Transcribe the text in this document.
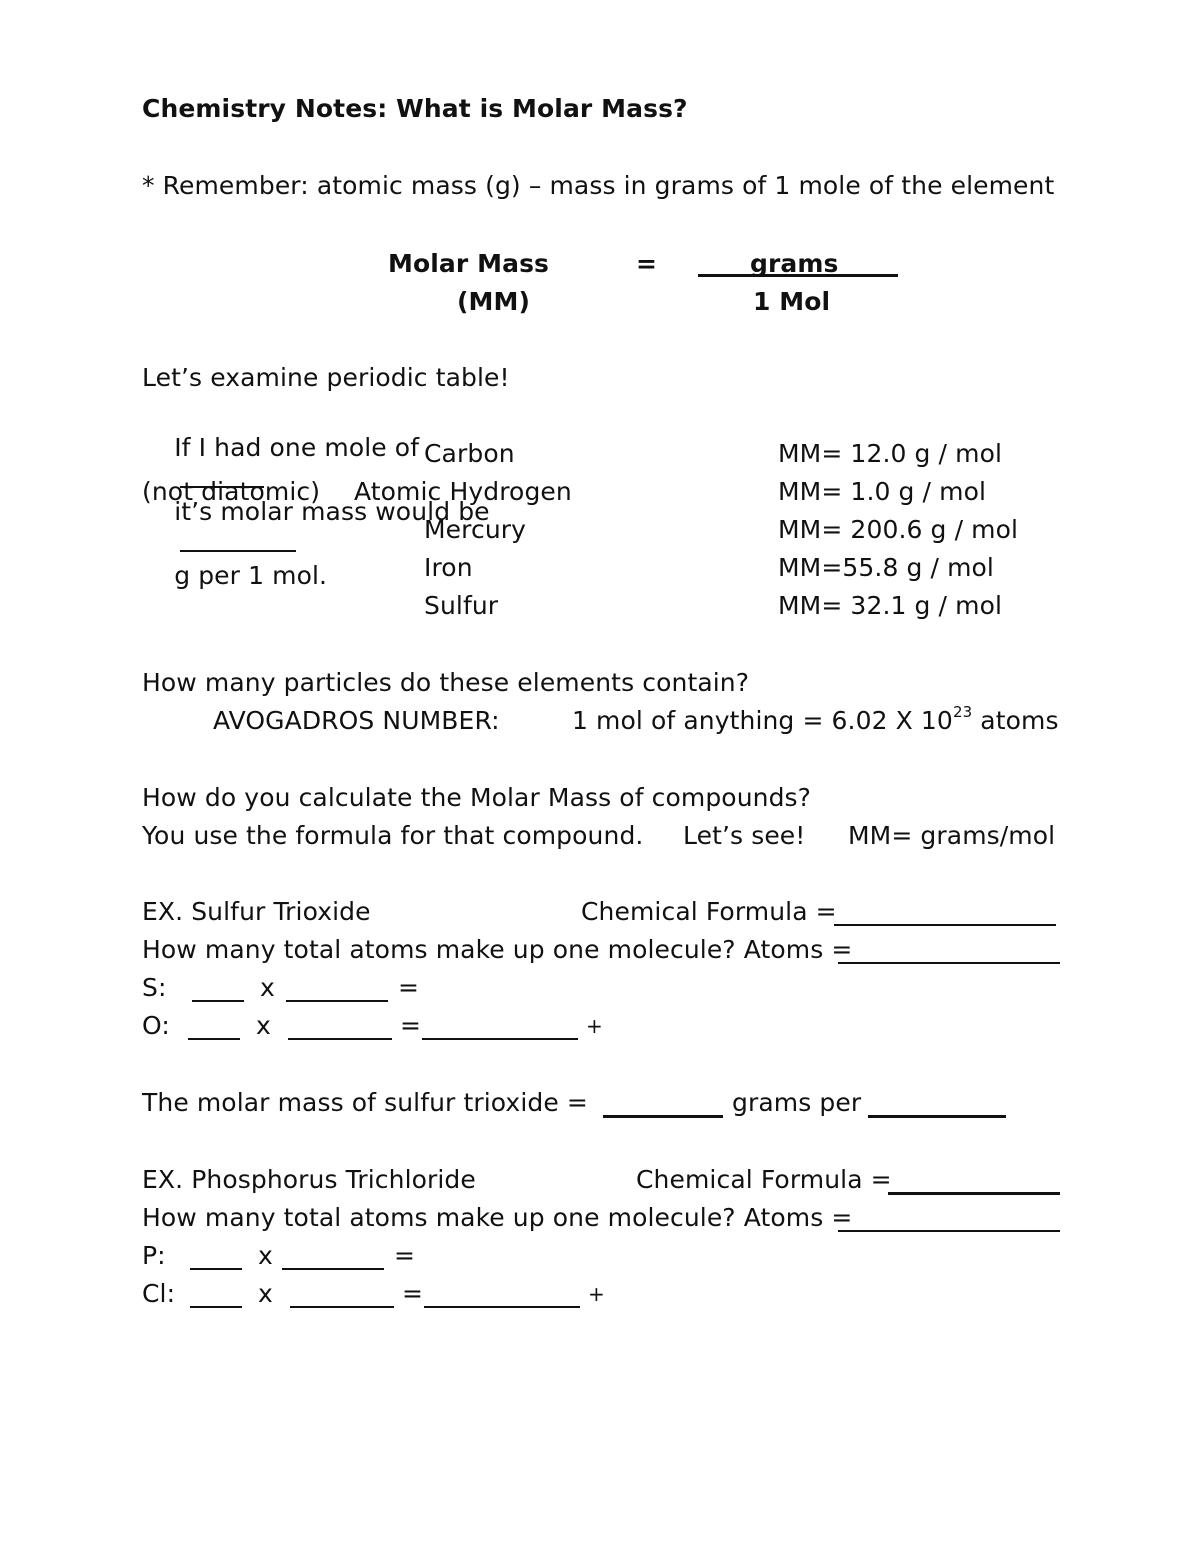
Chemistry Notes: What is Molar Mass?
* Remember: atomic mass (g) – mass in grams of 1 mole of the element
Molar Mass
(MM)
=	grams
1 Mol
Let’s examine periodic table!

If I had one mole of

it’s molar mass would be

g per 1 mol.

Carbon	MM= 12.0 g / mol
(not diatomic) Atomic Hydrogen	MM= 1.0 g / mol
Mercury	MM= 200.6 g / mol
Iron	MM=55.8 g / mol
Sulfur	MM= 32.1 g / mol
How many particles do these elements contain?
AVOGADROS NUMBER:	1 mol of anything = 6.02 X $10^{23}$ atoms
How do you calculate the Molar Mass of compounds?
You use the formula for that compound. Let’s see! MM= grams/mol
EX. Sulfur Trioxide	Chemical Formula =
How many total atoms make up one molecule? Atoms =
S:	x	=
O:	x	=	+
The molar mass of sulfur trioxide =	grams per
EX. Phosphorus Trichloride	Chemical Formula =
How many total atoms make up one molecule? Atoms =
P:	x	=
Cl:	x	=	+
